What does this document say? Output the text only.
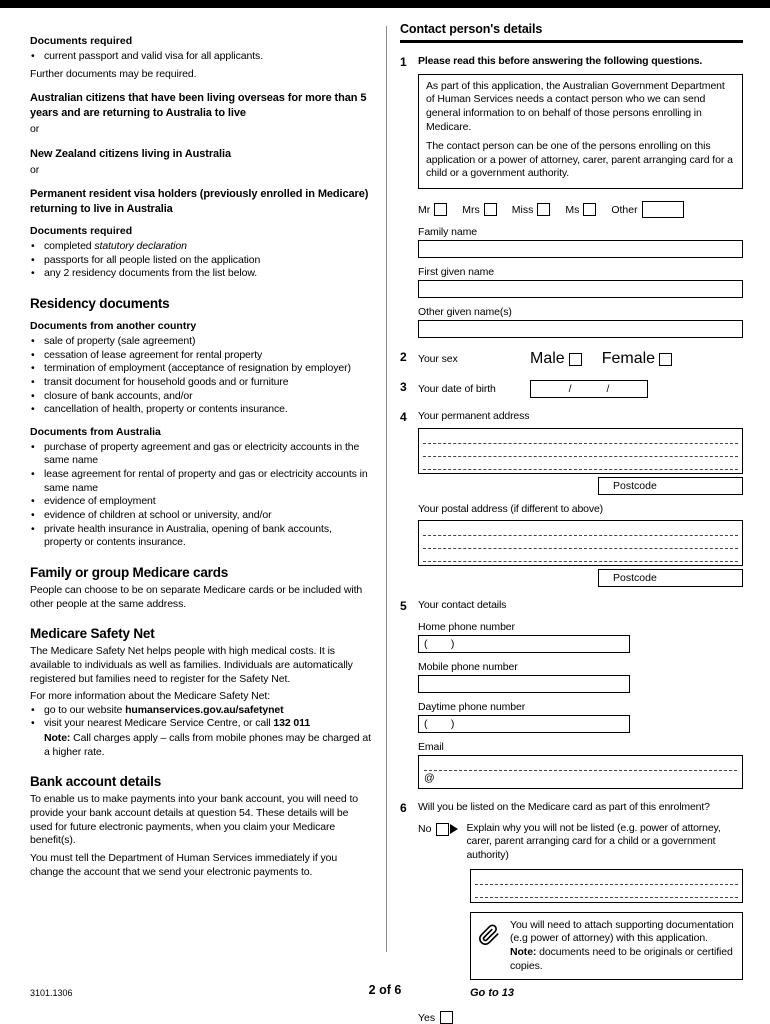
Documents required
• current passport and valid visa for all applicants.
Further documents may be required.
Australian citizens that have been living overseas for more than 5 years and are returning to Australia to live
or
New Zealand citizens living in Australia
or
Permanent resident visa holders (previously enrolled in Medicare) returning to live in Australia
Documents required
• completed statutory declaration
• passports for all people listed on the application
• any 2 residency documents from the list below.
Residency documents
Documents from another country
• sale of property (sale agreement)
• cessation of lease agreement for rental property
• termination of employment (acceptance of resignation by employer)
• transit document for household goods and or furniture
• closure of bank accounts, and/or
• cancellation of health, property or contents insurance.
Documents from Australia
• purchase of property agreement and gas or electricity accounts in the same name
• lease agreement for rental of property and gas or electricity accounts in same name
• evidence of employment
• evidence of children at school or university, and/or
• private health insurance in Australia, opening of bank accounts, property or contents insurance.
Family or group Medicare cards
People can choose to be on separate Medicare cards or be included with other people at the same address.
Medicare Safety Net
The Medicare Safety Net helps people with high medical costs. It is available to individuals as well as families. Individuals are automatically registered but families need to register for the Safety Net.
For more information about the Medicare Safety Net:
• go to our website humanservices.gov.au/safetynet
• visit your nearest Medicare Service Centre, or call 132 011
Note: Call charges apply – calls from mobile phones may be charged at a higher rate.
Bank account details
To enable us to make payments into your bank account, you will need to provide your bank account details at question 54. These details will be used for future electronic payments, when you claim your Medicare benefit(s).
You must tell the Department of Human Services immediately if you change the account that we send your electronic payments to.
Contact person's details
1 Please read this before answering the following questions.

As part of this application, the Australian Government Department of Human Services needs a contact person who we can send general information to on behalf of those persons enrolling in Medicare.

The contact person can be one of the persons enrolling on this application or a power of attorney, carer, parent arranging card for a child or a government authority.

Mr	Mrs	Miss	Ms	Other
Family name
First given name
Other given name(s)
2 Your sex	Male Female
3 Your date of birth	/            /
4 Your permanent address
Postcode
Your postal address (if different to above)
Postcode
5 Your contact details
Home phone number
(        )
Mobile phone number
Daytime phone number
(        )
Email
@
6 Will you be listed on the Medicare card as part of this enrolment?
No	Explain why you will not be listed (e.g. power of attorney, carer, parent arranging card for a child or a government authority)
You will need to attach supporting documentation (e.g power of attorney) with this application.
Note: documents need to be originals or certified copies.
Go to 13
Yes
3101.1306	2 of 6
